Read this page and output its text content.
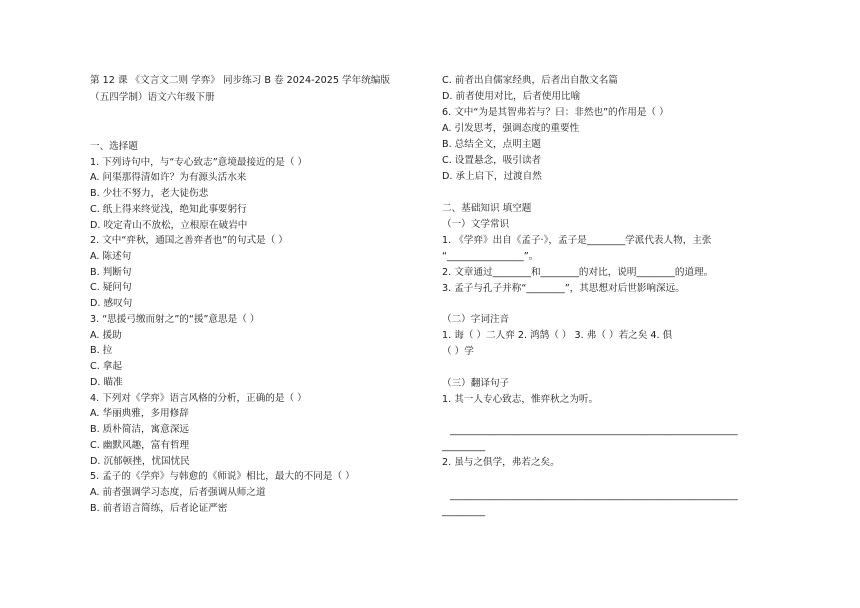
第 12 课 《文言文二则 学弈》 同步练习 B 卷 2024-2025 学年统编版
（五四学制）语文六年级下册
一、选择题
1. 下列诗句中，与“专心致志”意境最接近的是（ ）
A. 问渠那得清如许？为有源头活水来
B. 少壮不努力，老大徒伤悲
C. 纸上得来终觉浅，绝知此事要躬行
D. 咬定青山不放松，立根原在破岩中
2. 文中“弈秋，通国之善弈者也”的句式是（ ）
A. 陈述句
B. 判断句
C. 疑问句
D. 感叹句
3. “思援弓缴而射之”的“援”意思是（ ）
A. 援助
B. 拉
C. 拿起
D. 瞄准
4. 下列对《学弈》语言风格的分析，正确的是（ ）
A. 华丽典雅，多用修辞
B. 质朴简洁，寓意深远
C. 幽默风趣，富有哲理
D. 沉郁顿挫，忧国忧民
5. 孟子的《学弈》与韩愈的《师说》相比，最大的不同是（ ）
A. 前者强调学习态度，后者强调从师之道
B. 前者语言简练，后者论证严密
C. 前者出自儒家经典，后者出自散文名篇
D. 前者使用对比，后者使用比喻
6. 文中“为是其智弗若与？曰：非然也”的作用是（ ）
A. 引发思考，强调态度的重要性
B. 总结全文，点明主题
C. 设置悬念，吸引读者
D. 承上启下，过渡自然
二、基础知识 填空题
（一）文学常识
1. 《学弈》出自《孟子·》，孟子是________学派代表人物，主张
“________________”。
2. 文章通过________和________的对比，说明________的道理。
3. 孟子与孔子并称“________”，其思想对后世影响深远。
（二）字词注音
1. 诲（ ）二人弈 2. 鸿鹄（ ） 3. 弗（ ）若之矣 4. 俱
（ ）学
（三）翻译句子
1. 其一人专心致志，惟弈秋之为听。
____________________________________________________________
_________
2. 虽与之俱学，弗若之矣。
____________________________________________________________
_________
